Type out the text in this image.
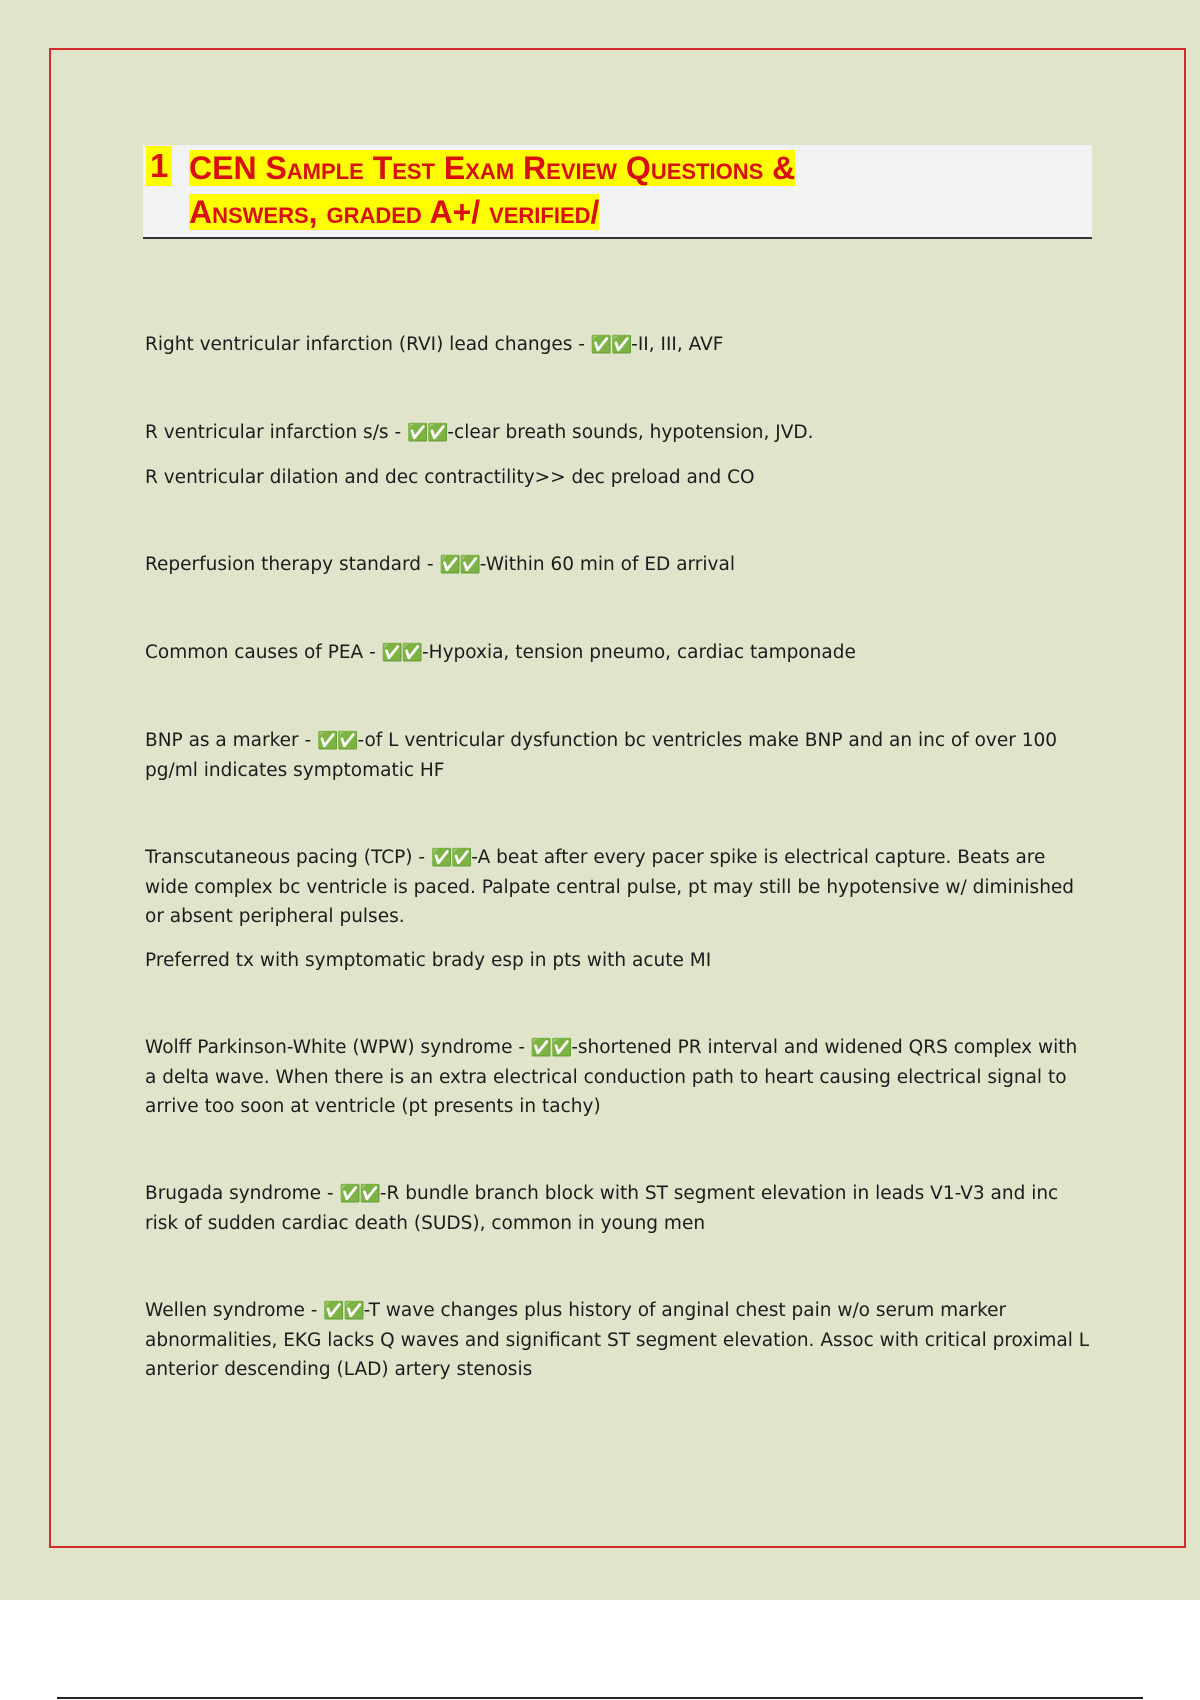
1 CEN Sample Test Exam Review Questions &
Answers, graded A+/ verified/

Right ventricular infarction (RVI) lead changes - ✅✅-II, III, AVF

R ventricular infarction s/s - ✅✅-clear breath sounds, hypotension, JVD.

R ventricular dilation and dec contractility>> dec preload and CO

Reperfusion therapy standard - ✅✅-Within 60 min of ED arrival

Common causes of PEA - ✅✅-Hypoxia, tension pneumo, cardiac tamponade

BNP as a marker - ✅✅-of L ventricular dysfunction bc ventricles make BNP and an inc of over 100 pg/ml indicates symptomatic HF

Transcutaneous pacing (TCP) - ✅✅-A beat after every pacer spike is electrical capture. Beats are wide complex bc ventricle is paced. Palpate central pulse, pt may still be hypotensive w/ diminished or absent peripheral pulses.

Preferred tx with symptomatic brady esp in pts with acute MI

Wolff Parkinson-White (WPW) syndrome - ✅✅-shortened PR interval and widened QRS complex with a delta wave. When there is an extra electrical conduction path to heart causing electrical signal to arrive too soon at ventricle (pt presents in tachy)

Brugada syndrome - ✅✅-R bundle branch block with ST segment elevation in leads V1-V3 and inc risk of sudden cardiac death (SUDS), common in young men

Wellen syndrome - ✅✅-T wave changes plus history of anginal chest pain w/o serum marker abnormalities, EKG lacks Q waves and significant ST segment elevation. Assoc with critical proximal L anterior descending (LAD) artery stenosis
